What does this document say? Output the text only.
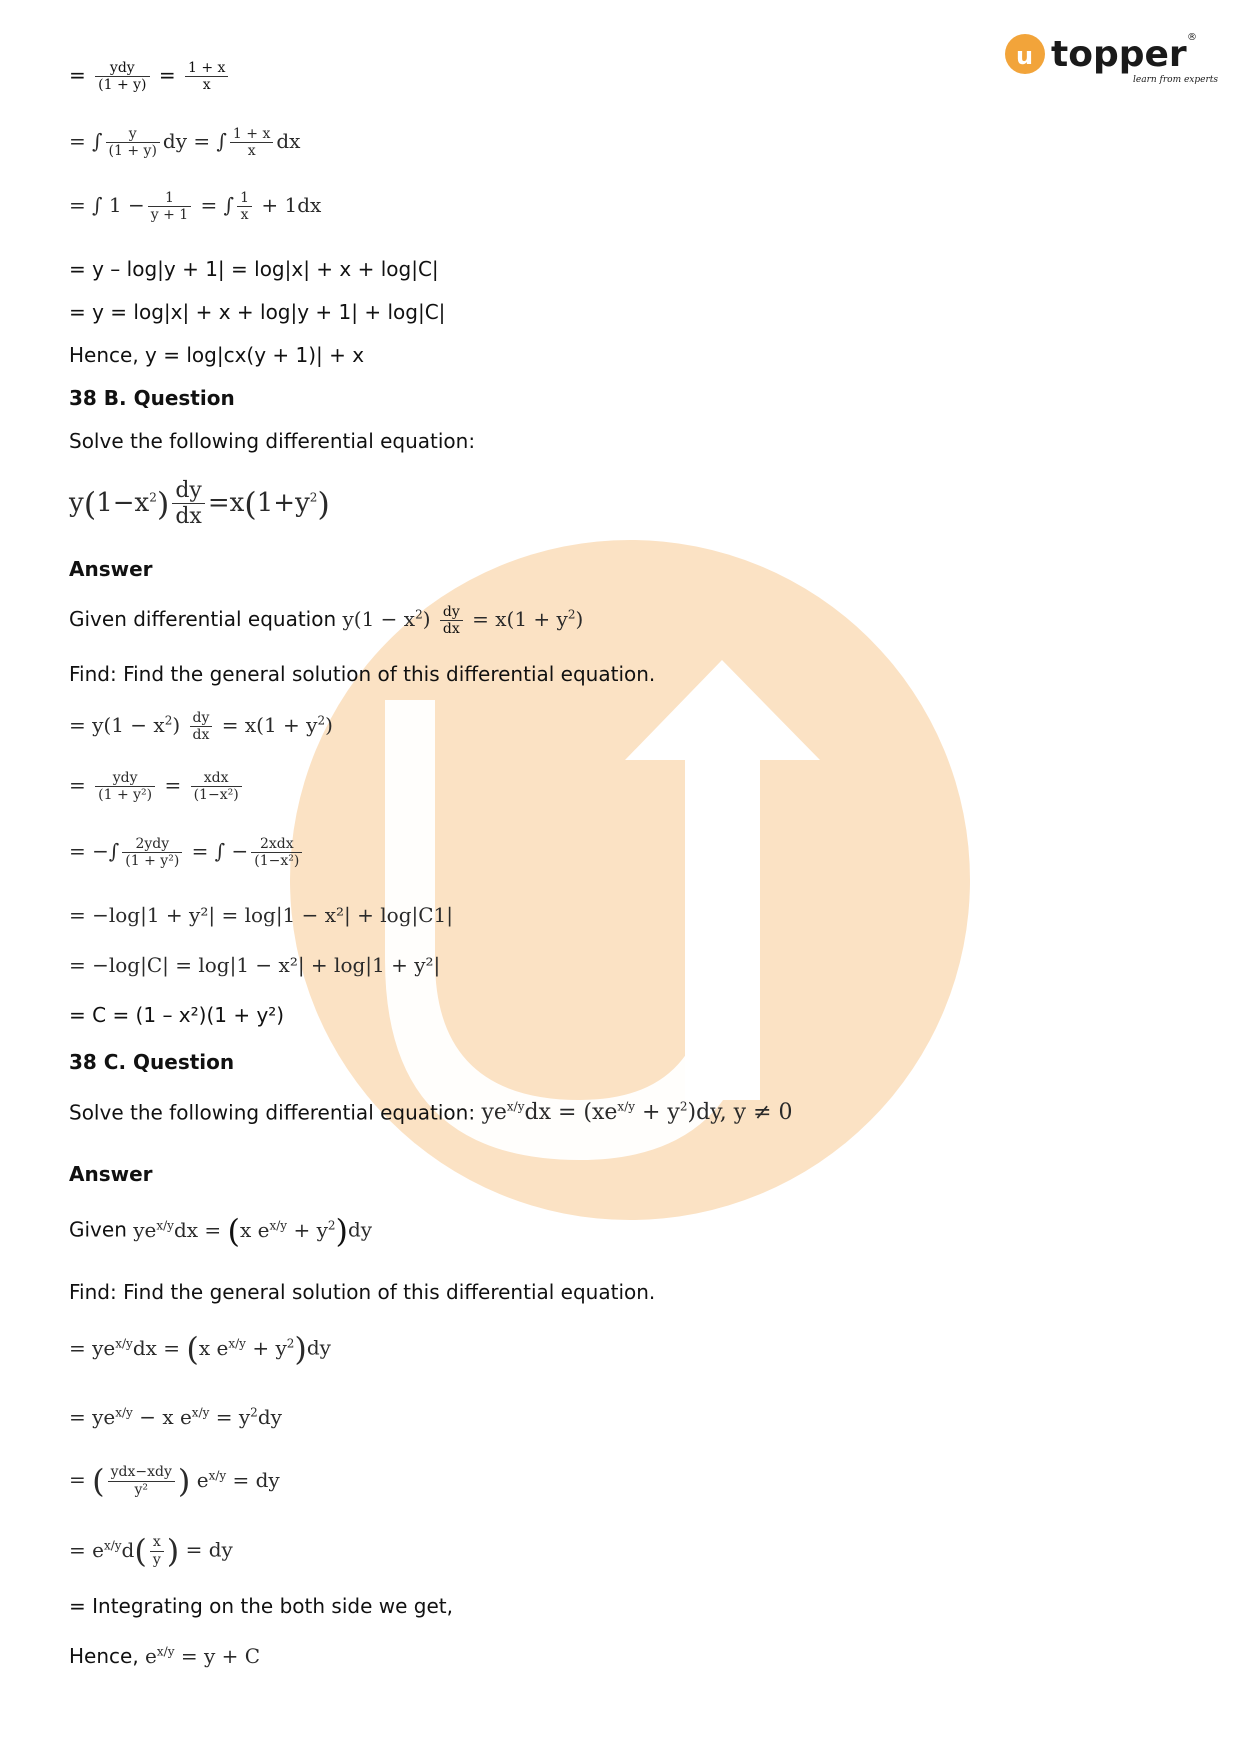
u topper ®
learn from experts
= $\frac{\text{ydy}}{(1 + y)} = \frac{1 + x}{x}$
= ∫ $\frac{y}{(1 + y)}$ dy = ∫ $\frac{1 + x}{x}$ dx
= ∫ $1 - \frac{1}{y + 1}$ = ∫ $\frac{1}{x} + 1dx$
= y – log|y + 1| = log|x| + x + log|C|
= y = log|x| + x + log|y + 1| + log|C|
Hence, y = log|cx(y + 1)| + x
38 B. Question
Solve the following differential equation:
$y(1-x^2) \frac{dy}{dx} =x(1+y^2)$
Answer
Given differential equation $y(1 - x^2) \frac{dy}{dx} = x(1 + y^2)$
Find: Find the general solution of this differential equation.
= $y(1 - x^2) \frac{dy}{dx} = x(1 + y^2)$
= $\frac{\text{ydy}}{\text{(1 + y²)}} = \frac{\text{xdx}}{\text{(1−x²)}}$
= −∫ $\frac{\text{2ydy}}{\text{(1 + y²)}}$ = ∫ − $\frac{\text{2xdx}}{\text{(1−x²)}}$
= −log|1 + y²| = log|1 − x²| + log|C1|
= −log|C| = log|1 − x²| + log|1 + y²|
= C = (1 – x²)(1 + y²)
38 C. Question
Solve the following differential equation: $ye^{x/y}dx = (xe^{x/y} + y^2)dy$, y ≠ 0
Answer
Given $ye^{x/y}dx = (x$ $e^{x/y} + y^2)dy$
Find: Find the general solution of this differential equation.
= $ye^{x/y}dx = (x$ $e^{x/y} + y^2)dy$
= $ye^{x/y} - x$ $e^{x/y} = y^2dy$
= ( $\frac{\text{ydx−xdy}}{\text{y²}}$ ) $e^{x/y}$ = dy
= $e^{x/y}d( \frac{x}{y}$ ) = dy
= Integrating on the both side we get,
Hence, $e^{x/y} = y + C$
